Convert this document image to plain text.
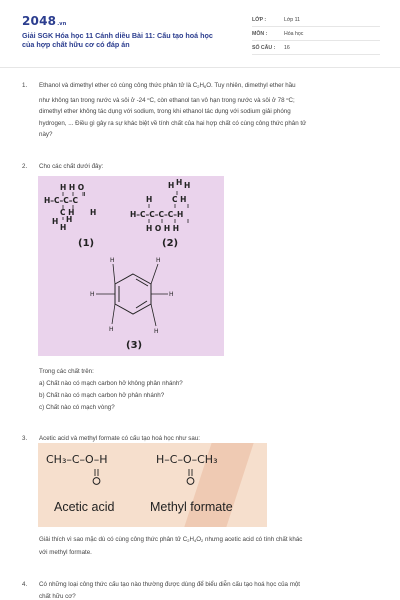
2048.vn
Giải SGK Hóa học 11 Cánh diều Bài 11: Cấu tạo hoá học
của hợp chất hữu cơ có đáp án
LỚP :	Lớp 11
MÔN :	Hóa học
SỐ CÂU : 16
1. Ethanol và dimethyl ether có cùng công thức phân tử là $C_2H_6O$. Tuy nhiên, dimethyl ether hầu
như không tan trong nước và sôi ở -24 $^o$C, còn ethanol tan vô hạn trong nước và sôi ở 78 $^o$C;
dimethyl ether không tác dụng với sodium, trong khi ethanol tác dụng với sodium giải phóng
hydrogen, ... Điều gì gây ra sự khác biệt về tính chất của hai hợp chất có cùng công thức phân tử
này?
2. Cho các chất dưới đây:
H H O
H–C–C–C
C H H
H H
H
(1)
H H H
H	C H
H–C–C–C–C–H
H O H H
(2)
H	H
H	H
H	H
(3)
Trong các chất trên:
a) Chất nào có mạch carbon hở không phân nhánh?
b) Chất nào có mạch carbon hở phân nhánh?
c) Chất nào có mạch vòng?
3. Acetic acid và methyl formate có cấu tạo hoá học như sau:
CH₃–C–O–H	H–C–O–CH₃
Acetic acid	Methyl formate
Giải thích vì sao mặc dù có cùng công thức phân tử $C_2H_4O_2$ nhưng acetic acid có tính chất khác
với methyl formate.
4. Có những loại công thức cấu tạo nào thường được dùng để biểu diễn cấu tạo hoá học của một
chất hữu cơ?
